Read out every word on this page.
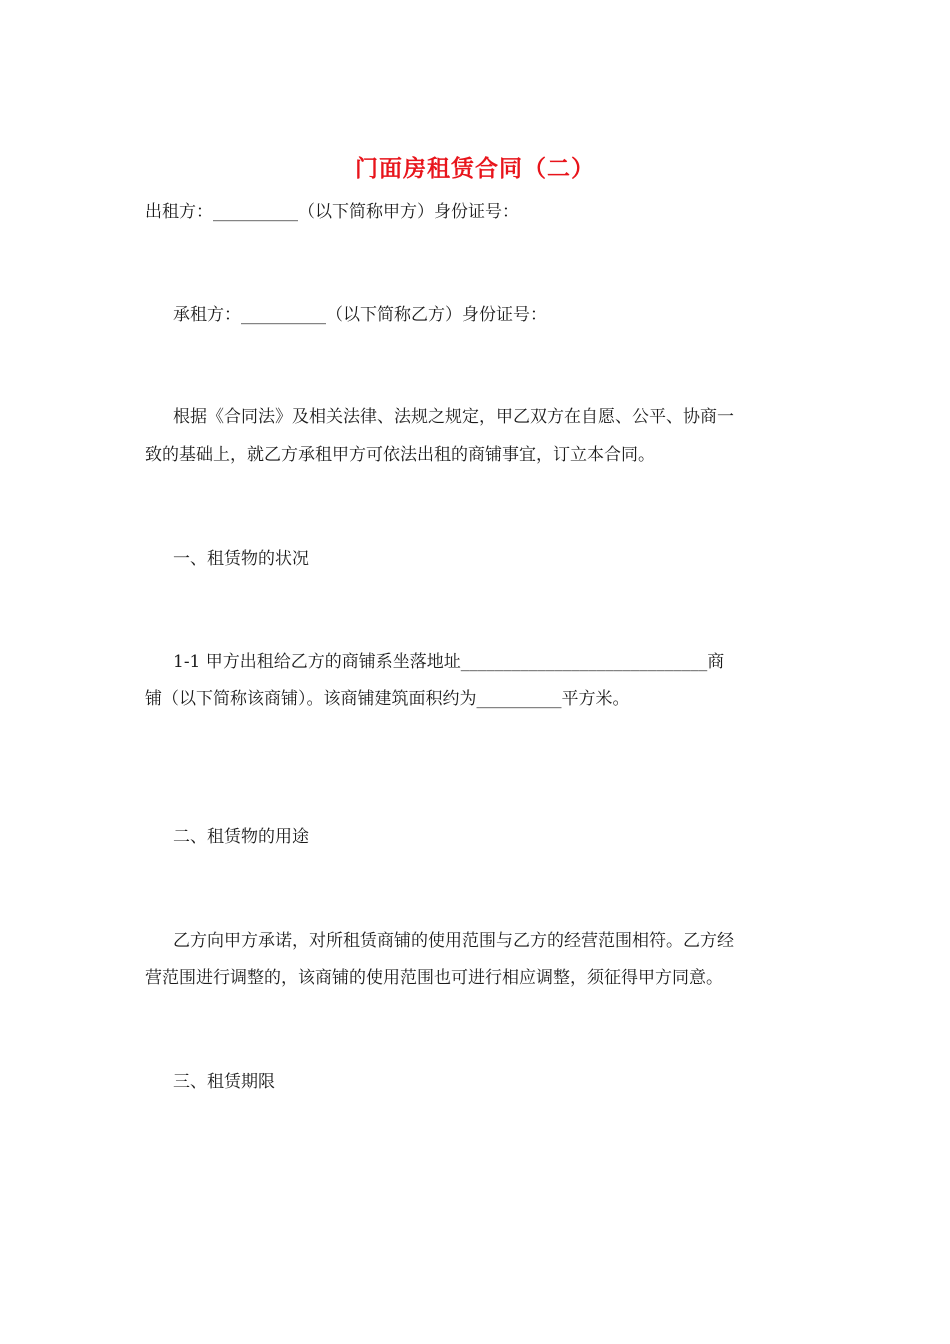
门面房租赁合同（二）

出租方：__________（以下简称甲方）身份证号：

承租方：__________（以下简称乙方）身份证号：

根据《合同法》及相关法律、法规之规定，甲乙双方在自愿、公平、协商一

致的基础上，就乙方承租甲方可依法出租的商铺事宜，订立本合同。

一、租赁物的状况

1-1 甲方出租给乙方的商铺系坐落地址_____________________________商

铺（以下简称该商铺）。该商铺建筑面积约为__________平方米。

二、租赁物的用途

乙方向甲方承诺，对所租赁商铺的使用范围与乙方的经营范围相符。乙方经

营范围进行调整的，该商铺的使用范围也可进行相应调整，须征得甲方同意。

三、租赁期限
